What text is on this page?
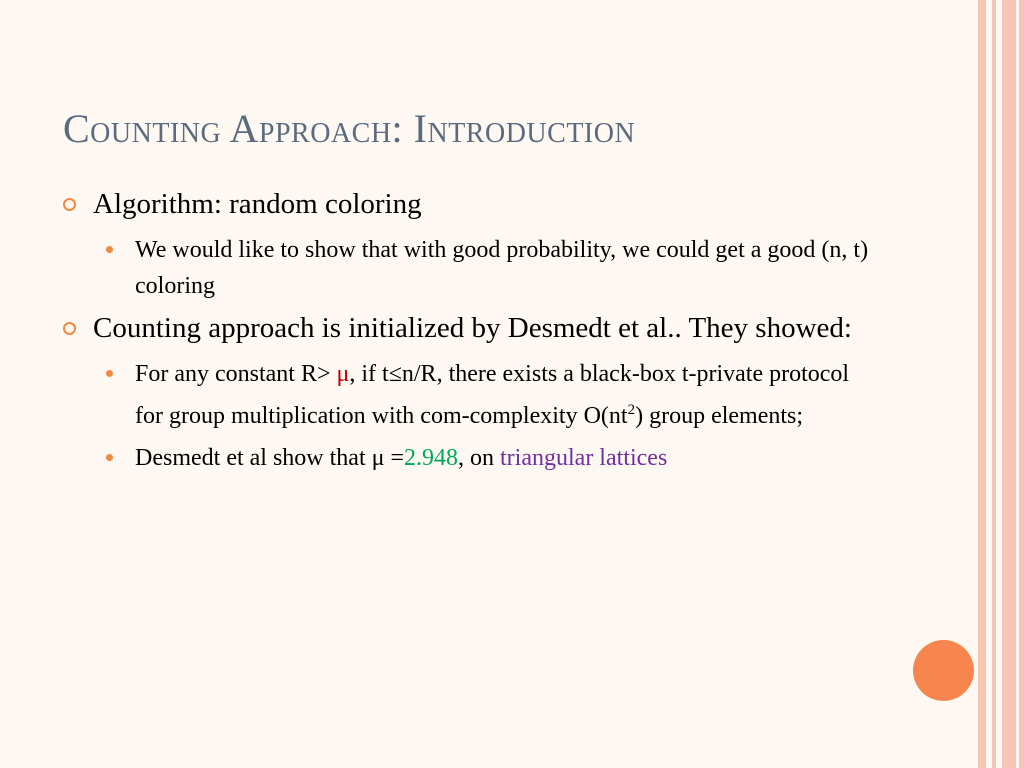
Counting Approach: Introduction
Algorithm: random coloring
We would like to show that with good probability, we could get a good (n, t) coloring
Counting approach is initialized by Desmedt et al.. They showed:
For any constant R> μ, if t≤n/R, there exists a black-box t-private protocol for group multiplication with com-complexity $O(nt^2)$ group elements;
Desmedt et al show that μ =2.948, on triangular lattices
